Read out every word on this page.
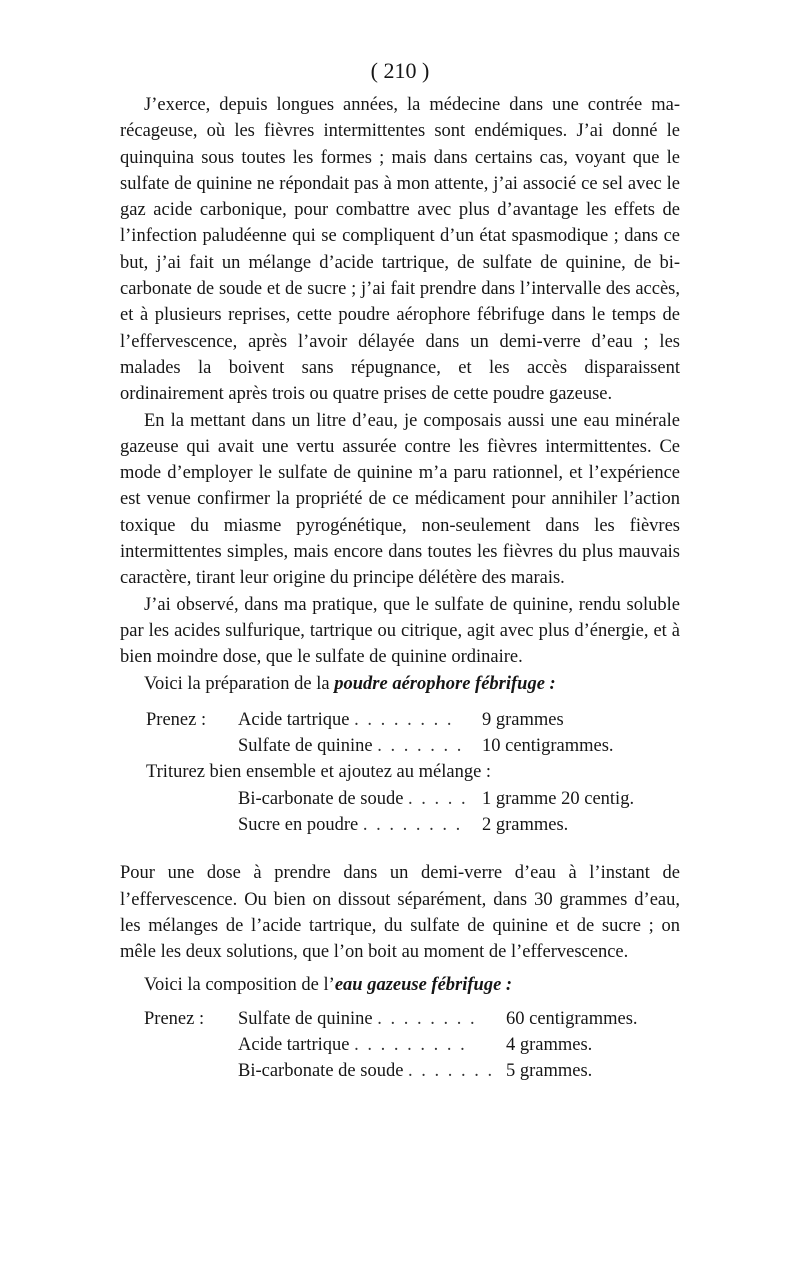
( 210 )

J’exerce, depuis longues années, la médecine dans une contrée marécageuse, où les fièvres intermittentes sont endémiques. J’ai donné le quinquina sous toutes les formes ; mais dans certains cas, voyant que le sulfate de quinine ne répondait pas à mon attente, j’ai associé ce sel avec le gaz acide carbonique, pour combattre avec plus d’avantage les effets de l’infection paludéenne qui se compliquent d’un état spasmodique ; dans ce but, j’ai fait un mélange d’acide tartrique, de sulfate de quinine, de bi-carbonate de soude et de sucre ; j’ai fait prendre dans l’intervalle des accès, et à plusieurs reprises, cette poudre aérophore fébrifuge dans le temps de l’effervescence, après l’avoir délayée dans un demi-verre d’eau ; les malades la boivent sans répugnance, et les accès disparaissent ordinairement après trois ou quatre prises de cette poudre gazeuse.

En la mettant dans un litre d’eau, je composais aussi une eau minérale gazeuse qui avait une vertu assurée contre les fièvres intermittentes. Ce mode d’employer le sulfate de quinine m’a paru rationnel, et l’expérience est venue confirmer la propriété de ce médicament pour annihiler l’action toxique du miasme pyrogénétique, non-seulement dans les fièvres intermittentes simples, mais encore dans toutes les fièvres du plus mauvais caractère, tirant leur origine du principe délétère des marais.

J’ai observé, dans ma pratique, que le sulfate de quinine, rendu soluble par les acides sulfurique, tartrique ou citrique, agit avec plus d’énergie, et à bien moindre dose, que le sulfate de quinine ordinaire.

Voici la préparation de la poudre aérophore fébrifuge :

Prenez :	Acide tartrique . . . . . . . .	9 grammes
Sulfate de quinine . . . . . . .	10 centigrammes.
Triturez bien ensemble et ajoutez au mélange :
Bi-carbonate de soude . . . . . 1 gramme 20 centig.
Sucre en poudre . . . . . . . .	2 grammes.

Pour une dose à prendre dans un demi-verre d’eau à l’instant de l’effervescence. Ou bien on dissout séparément, dans 30 grammes d’eau, les mélanges de l’acide tartrique, du sulfate de quinine et de sucre ; on mêle les deux solutions, que l’on boit au moment de l’effervescence.

Voici la composition de l’eau gazeuse fébrifuge :

Prenez :	Sulfate de quinine . . . . . . . .	60 centigrammes.
Acide tartrique . . . . . . . . .	4 grammes.
Bi-carbonate de soude . . . . . . . 5 grammes.
